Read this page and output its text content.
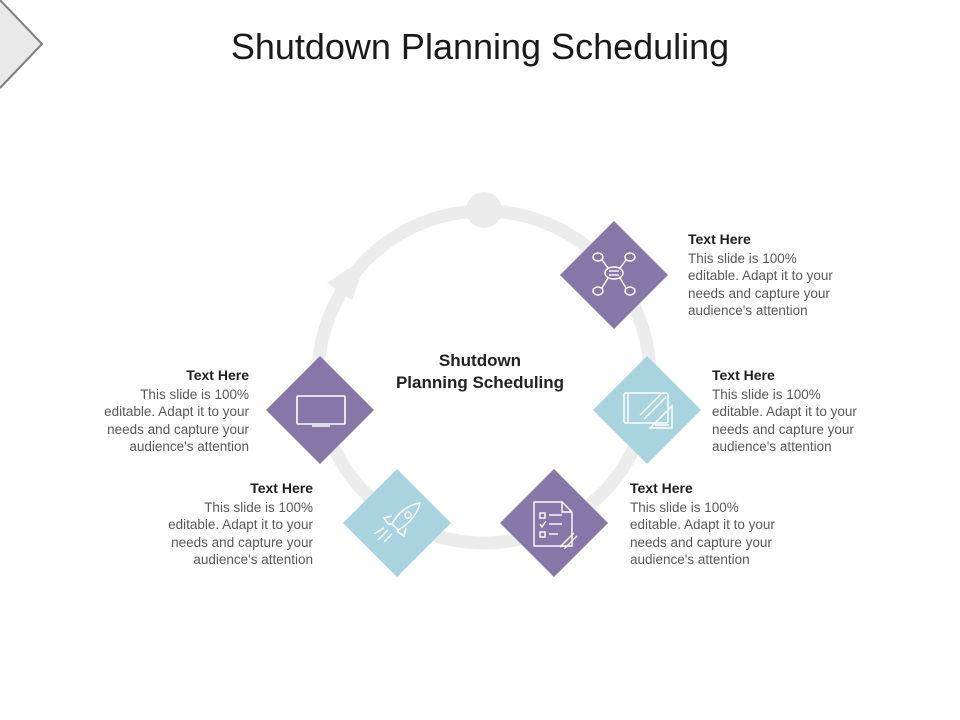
Shutdown Planning Scheduling
Shutdown
Planning Scheduling
Text Here
This slide is 100%
editable. Adapt it to your
needs and capture your
audience's attention
Text Here
This slide is 100%
editable. Adapt it to your
needs and capture your
audience's attention
Text Here
This slide is 100%
editable. Adapt it to your
needs and capture your
audience's attention
Text Here
This slide is 100%
editable. Adapt it to your
needs and capture your
audience's attention
Text Here
This slide is 100%
editable. Adapt it to your
needs and capture your
audience's attention
